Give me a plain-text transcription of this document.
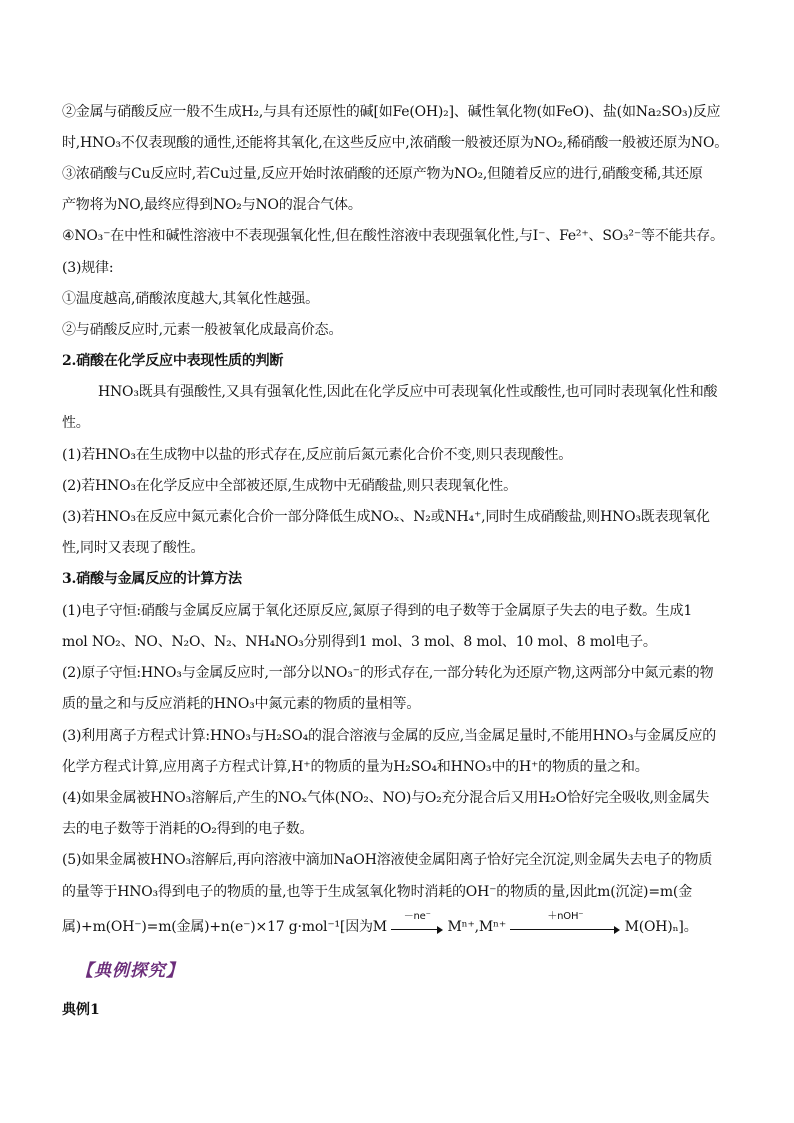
②金属与硝酸反应一般不生成H₂,与具有还原性的碱[如Fe(OH)₂]、碱性氧化物(如FeO)、盐(如Na₂SO₃)反应
时,HNO₃不仅表现酸的通性,还能将其氧化,在这些反应中,浓硝酸一般被还原为NO₂,稀硝酸一般被还原为NO。
③浓硝酸与Cu反应时,若Cu过量,反应开始时浓硝酸的还原产物为NO₂,但随着反应的进行,硝酸变稀,其还原
产物将为NO,最终应得到NO₂与NO的混合气体。
④NO₃⁻在中性和碱性溶液中不表现强氧化性,但在酸性溶液中表现强氧化性,与I⁻、Fe²⁺、SO₃²⁻等不能共存。
(3)规律:
①温度越高,硝酸浓度越大,其氧化性越强。
②与硝酸反应时,元素一般被氧化成最高价态。
2.硝酸在化学反应中表现性质的判断
HNO₃既具有强酸性,又具有强氧化性,因此在化学反应中可表现氧化性或酸性,也可同时表现氧化性和酸
性。
(1)若HNO₃在生成物中以盐的形式存在,反应前后氮元素化合价不变,则只表现酸性。
(2)若HNO₃在化学反应中全部被还原,生成物中无硝酸盐,则只表现氧化性。
(3)若HNO₃在反应中氮元素化合价一部分降低生成NOₓ、N₂或NH₄⁺,同时生成硝酸盐,则HNO₃既表现氧化
性,同时又表现了酸性。
3.硝酸与金属反应的计算方法
(1)电子守恒:硝酸与金属反应属于氧化还原反应,氮原子得到的电子数等于金属原子失去的电子数。生成1
mol NO₂、NO、N₂O、N₂、NH₄NO₃分别得到1 mol、3 mol、8 mol、10 mol、8 mol电子。
(2)原子守恒:HNO₃与金属反应时,一部分以NO₃⁻的形式存在,一部分转化为还原产物,这两部分中氮元素的物
质的量之和与反应消耗的HNO₃中氮元素的物质的量相等。
(3)利用离子方程式计算:HNO₃与H₂SO₄的混合溶液与金属的反应,当金属足量时,不能用HNO₃与金属反应的
化学方程式计算,应用离子方程式计算,H⁺的物质的量为H₂SO₄和HNO₃中的H⁺的物质的量之和。
(4)如果金属被HNO₃溶解后,产生的NOₓ气体(NO₂、NO)与O₂充分混合后又用H₂O恰好完全吸收,则金属失
去的电子数等于消耗的O₂得到的电子数。
(5)如果金属被HNO₃溶解后,再向溶液中滴加NaOH溶液使金属阳离子恰好完全沉淀,则金属失去电子的物质
的量等于HNO₃得到电子的物质的量,也等于生成氢氧化物时消耗的OH⁻的物质的量,因此m(沉淀)=m(金
属)+m(OH⁻)=m(金属)+n(e⁻)×17 g·mol⁻¹[因为M
－ne⁻
Mⁿ⁺,Mⁿ⁺
＋nOH⁻
M(OH)ₙ]。
【典例探究】
典例1
